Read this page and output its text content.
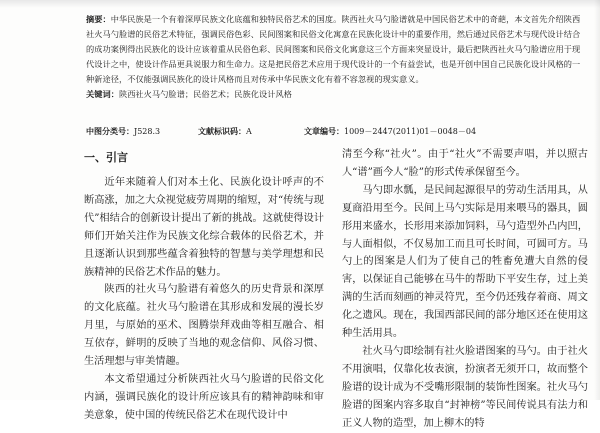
摘要：中华民族是一个有着深厚民族文化底蕴和独特民俗艺术的国度。陕西社火马勺脸谱就是中国民俗艺术中的奇葩，本文首先介绍陕西社火马勺脸谱的民俗艺术特征，强调民俗色彩、民间图案和民俗文化寓意在民族化设计中的重要作用，然后通过民俗艺术与现代设计结合的成功案例得出民族化的设计应该着重从民俗色彩、民间图案和民俗文化寓意这三个方面来突显设计，最后把陕西社火马勺脸谱应用于现代设计之中，使设计作品更具说服力和生命力。这是把民俗艺术应用于现代设计的一个有益尝试，也是开创中国自己民族化设计风格的一种新途径，不仅能强调民族化的设计风格而且对传承中华民族文化有着不容忽视的现实意义。

关键词：陕西社火马勺脸谱；民俗艺术；民族化设计风格

中图分类号：J528.3	文献标识码：A	文章编号：1009－2447(2011)01－0048－04

一、引言

近年来随着人们对本土化、民族化设计呼声的不断高涨，加之大众视觉疲劳周期的缩短，对“传统与现代”相结合的创新设计提出了新的挑战。这就使得设计师们开始关注作为民族文化综合载体的民俗艺术，并且逐渐认识到那些蕴含着独特的智慧与美学理想和民族精神的民俗艺术作品的魅力。

陕西的社火马勺脸谱有着悠久的历史背景和深厚的文化底蕴。社火马勺脸谱在其形成和发展的漫长岁月里，与原始的巫术、图腾崇拜戏曲等相互融合、相互依存，鲜明的反映了当地的观念信仰、风俗习惯、生活理想与审美情趣。

本文希望通过分析陕西社火马勺脸谱的民俗文化内涵，强调民族化的设计所应该具有的精神韵味和审美意象，使中国的传统民俗艺术在现代设计中

清至今称“社火”。由于“社火”不需要声唱，并以照古人“谱”画今人“脸”的形式传承保留至今。

马勺即水瓢，是民间起源很早的劳动生活用具，从夏商沿用至今。民间上马勺实际是用来喂马的器具，圆形用来盛水，长形用来添加饲料，马勺造型外凸内凹，与人面相似，不仅易加工而且可长时间，可圆可方。马勺上的图案是人们为了使自己的牲畜免遭大自然的侵害，以保证自己能够在马牛的帮助下平安生存，过上美满的生活而刻画的神灵符咒，至今仍还残存着商、周文化之遗风。现在，我国西部民间的部分地区还在使用这种生活用具。

社火马勺即绘制有社火脸谱图案的马勺。由于社火不用演唱，仅靠化妆表演，扮演者无须开口，故而整个脸谱的设计成为不受嘴形限制的装饰性图案。社火马勺脸谱的图案内容多取自“封神榜”等民间传说具有法力和正义人物的造型，加上柳木的特
